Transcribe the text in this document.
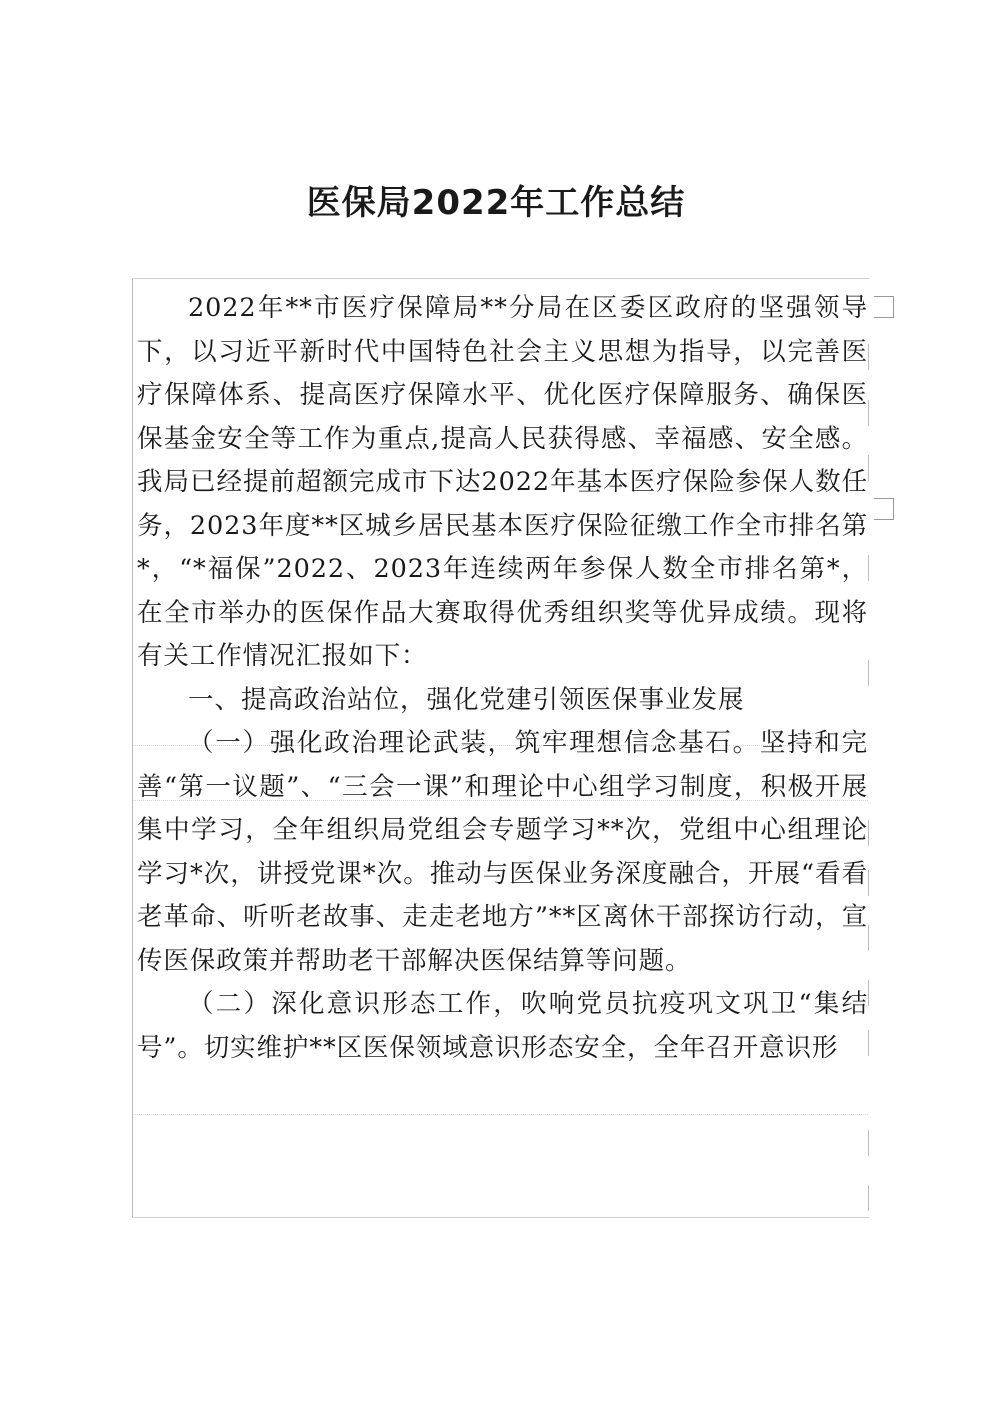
医保局2022年工作总结

2022年**市医疗保障局**分局在区委区政府的坚强领导下，以习近平新时代中国特色社会主义思想为指导，以完善医疗保障体系、提高医疗保障水平、优化医疗保障服务、确保医保基金安全等工作为重点,提高人民获得感、幸福感、安全感。我局已经提前超额完成市下达2022年基本医疗保险参保人数任务，2023年度**区城乡居民基本医疗保险征缴工作全市排名第*，“*福保”2022、2023年连续两年参保人数全市排名第*，在全市举办的医保作品大赛取得优秀组织奖等优异成绩。现将有关工作情况汇报如下：

一、提高政治站位，强化党建引领医保事业发展

（一）强化政治理论武装，筑牢理想信念基石。坚持和完善“第一议题”、“三会一课”和理论中心组学习制度，积极开展集中学习，全年组织局党组会专题学习**次，党组中心组理论学习*次，讲授党课*次。推动与医保业务深度融合，开展“看看老革命、听听老故事、走走老地方”**区离休干部探访行动，宣传医保政策并帮助老干部解决医保结算等问题。

（二）深化意识形态工作，吹响党员抗疫巩文巩卫“集结号”。切实维护**区医保领域意识形态安全，全年召开意识形
